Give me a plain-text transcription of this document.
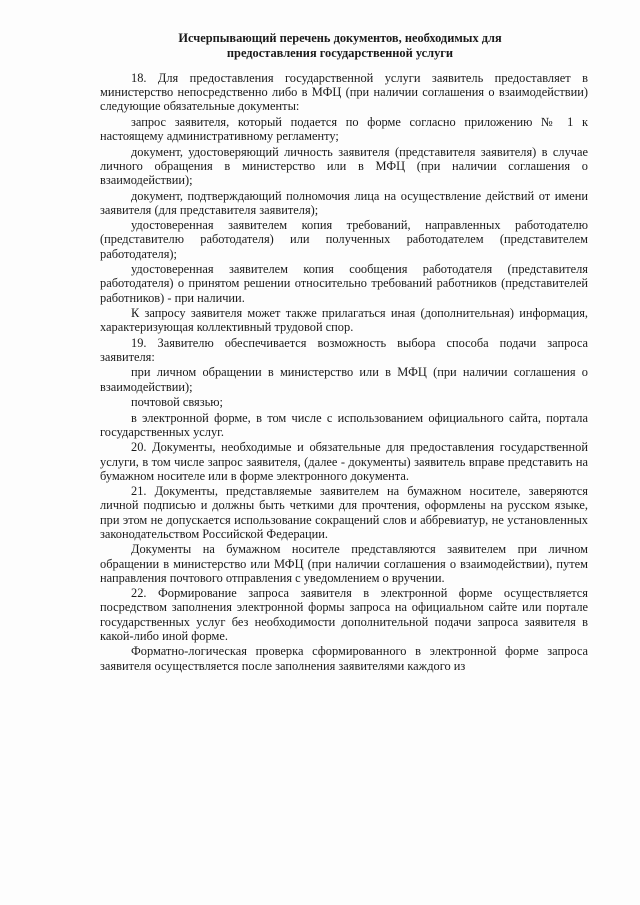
Исчерпывающий перечень документов, необходимых для
предоставления государственной услуги

18. Для предоставления государственной услуги заявитель предоставляет в министерство непосредственно либо в МФЦ (при наличии соглашения о взаимодействии) следующие обязательные документы:

запрос заявителя, который подается по форме согласно приложению № 1 к настоящему административному регламенту;

документ, удостоверяющий личность заявителя (представителя заявителя) в случае личного обращения в министерство или в МФЦ (при наличии соглашения о взаимодействии);

документ, подтверждающий полномочия лица на осуществление действий от имени заявителя (для представителя заявителя);

удостоверенная заявителем копия требований, направленных работодателю (представителю работодателя) или полученных работодателем (представителем работодателя);

удостоверенная заявителем копия сообщения работодателя (представителя работодателя) о принятом решении относительно требований работников (представителей работников) - при наличии.

К запросу заявителя может также прилагаться иная (дополнительная) информация, характеризующая коллективный трудовой спор.

19. Заявителю обеспечивается возможность выбора способа подачи запроса заявителя:

при личном обращении в министерство или в МФЦ (при наличии соглашения о взаимодействии);

почтовой связью;

в электронной форме, в том числе с использованием официального сайта, портала государственных услуг.

20. Документы, необходимые и обязательные для предоставления государственной услуги, в том числе запрос заявителя, (далее - документы) заявитель вправе представить на бумажном носителе или в форме электронного документа.

21. Документы, представляемые заявителем на бумажном носителе, заверяются личной подписью и должны быть четкими для прочтения, оформлены на русском языке, при этом не допускается использование сокращений слов и аббревиатур, не установленных законодательством Российской Федерации.

Документы на бумажном носителе представляются заявителем при личном обращении в министерство или МФЦ (при наличии соглашения о взаимодействии), путем направления почтового отправления с уведомлением о вручении.

22. Формирование запроса заявителя в электронной форме осуществляется посредством заполнения электронной формы запроса на официальном сайте или портале государственных услуг без необходимости дополнительной подачи запроса заявителя в какой-либо иной форме.

Форматно-логическая проверка сформированного в электронной форме запроса заявителя осуществляется после заполнения заявителями каждого из
